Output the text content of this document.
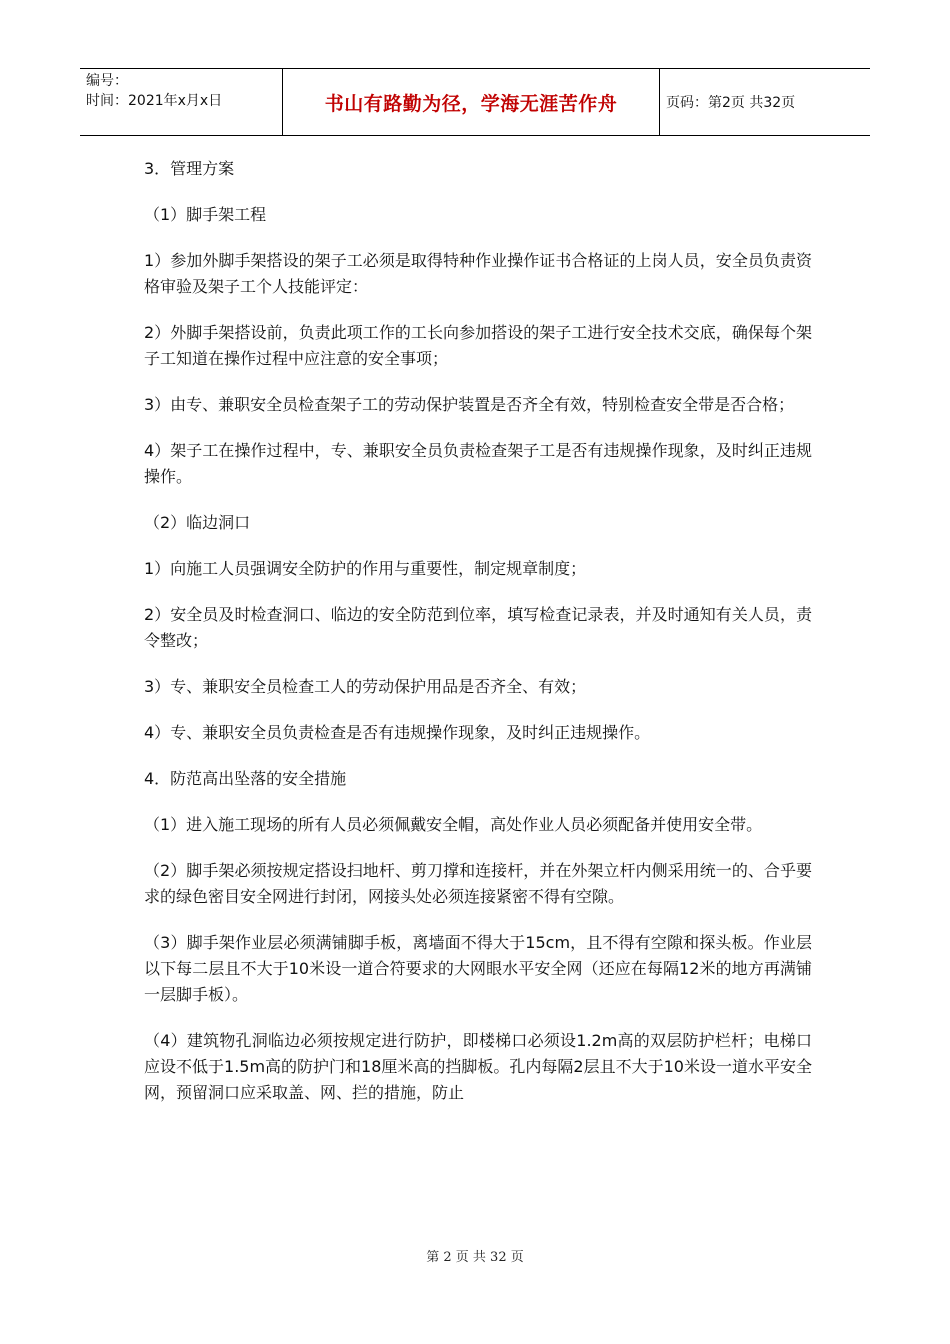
编号：
时间：2021年x月x日	书山有路勤为径，学海无涯苦作舟	页码：第2页 共32页

3．管理方案

（1）脚手架工程

1）参加外脚手架搭设的架子工必须是取得特种作业操作证书合格证的上岗人员，安全员负责资格审验及架子工个人技能评定：

2）外脚手架搭设前，负责此项工作的工长向参加搭设的架子工进行安全技术交底，确保每个架子工知道在操作过程中应注意的安全事项；

3）由专、兼职安全员检查架子工的劳动保护装置是否齐全有效，特别检查安全带是否合格；

4）架子工在操作过程中，专、兼职安全员负责检查架子工是否有违规操作现象，及时纠正违规操作。

（2）临边洞口

1）向施工人员强调安全防护的作用与重要性，制定规章制度；

2）安全员及时检查洞口、临边的安全防范到位率，填写检查记录表，并及时通知有关人员，责令整改；

3）专、兼职安全员检查工人的劳动保护用品是否齐全、有效；

4）专、兼职安全员负责检查是否有违规操作现象，及时纠正违规操作。

4．防范高出坠落的安全措施

（1）进入施工现场的所有人员必须佩戴安全帽，高处作业人员必须配备并使用安全带。

（2）脚手架必须按规定搭设扫地杆、剪刀撑和连接杆，并在外架立杆内侧采用统一的、合乎要求的绿色密目安全网进行封闭，网接头处必须连接紧密不得有空隙。

（3）脚手架作业层必须满铺脚手板，离墙面不得大于15cm，且不得有空隙和探头板。作业层以下每二层且不大于10米设一道合符要求的大网眼水平安全网（还应在每隔12米的地方再满铺一层脚手板）。

（4）建筑物孔洞临边必须按规定进行防护，即楼梯口必须设1.2m高的双层防护栏杆；电梯口应设不低于1.5m高的防护门和18厘米高的挡脚板。孔内每隔2层且不大于10米设一道水平安全网，预留洞口应采取盖、网、拦的措施，防止

第 2 页 共 32 页
